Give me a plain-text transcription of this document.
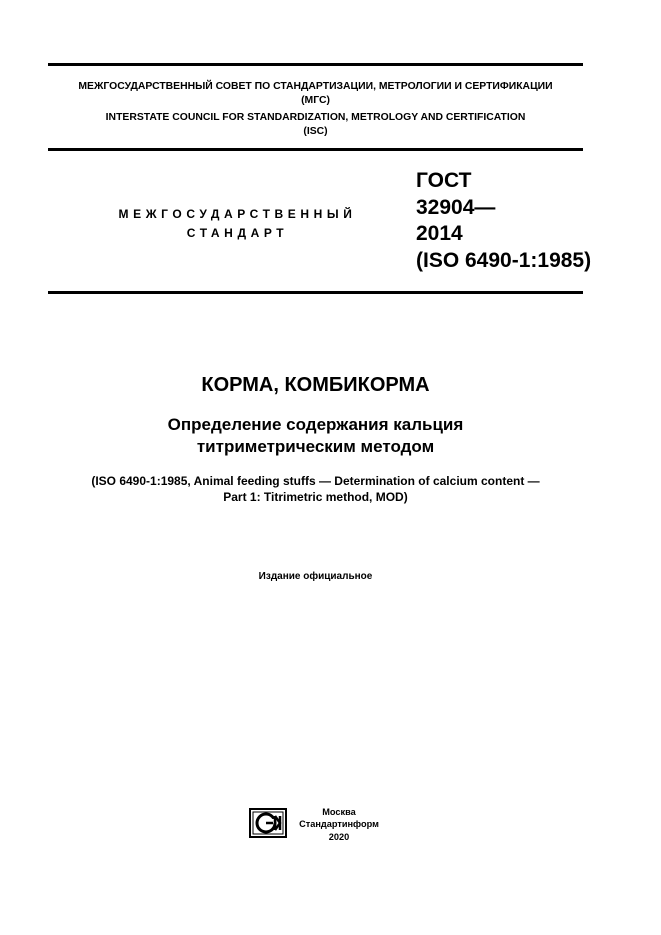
МЕЖГОСУДАРСТВЕННЫЙ СОВЕТ ПО СТАНДАРТИЗАЦИИ, МЕТРОЛОГИИ И СЕРТИФИКАЦИИ
(МГС)
INTERSTATE COUNCIL FOR STANDARDIZATION, METROLOGY AND CERTIFICATION
(ISC)
МЕЖГОСУДАРСТВЕННЫЙ
СТАНДАРТ
ГОСТ
32904—
2014
(ISO 6490-1:1985)
КОРМА, КОМБИКОРМА
Определение содержания кальция
титриметрическим методом
(ISO 6490-1:1985, Animal feeding stuffs — Determination of calcium content —
Part 1: Titrimetric method, MOD)
Издание официальное
Москва
Стандартинформ
2020
